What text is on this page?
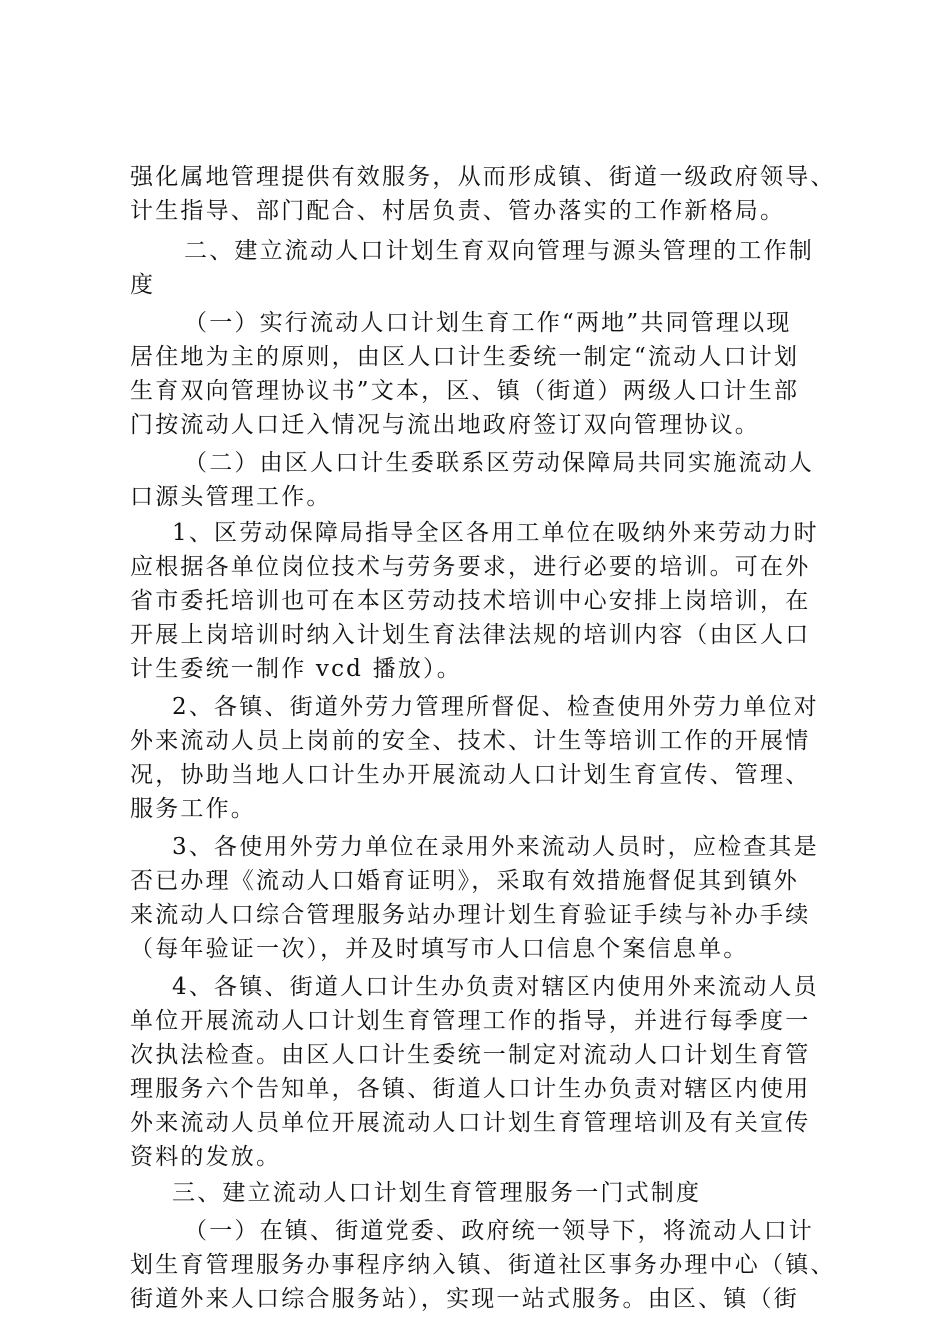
强化属地管理提供有效服务，从而形成镇、街道一级政府领导、
计生指导、部门配合、村居负责、管办落实的工作新格局。
二、建立流动人口计划生育双向管理与源头管理的工作制
度
（一）实行流动人口计划生育工作“两地”共同管理以现
居住地为主的原则，由区人口计生委统一制定“流动人口计划
生育双向管理协议书”文本，区、镇（街道）两级人口计生部
门按流动人口迁入情况与流出地政府签订双向管理协议。
（二）由区人口计生委联系区劳动保障局共同实施流动人
口源头管理工作。
1、区劳动保障局指导全区各用工单位在吸纳外来劳动力时
应根据各单位岗位技术与劳务要求，进行必要的培训。可在外
省市委托培训也可在本区劳动技术培训中心安排上岗培训，在
开展上岗培训时纳入计划生育法律法规的培训内容（由区人口
计生委统一制作 vcd 播放）。
2、各镇、街道外劳力管理所督促、检查使用外劳力单位对
外来流动人员上岗前的安全、技术、计生等培训工作的开展情
况，协助当地人口计生办开展流动人口计划生育宣传、管理、
服务工作。
3、各使用外劳力单位在录用外来流动人员时，应检查其是
否已办理《流动人口婚育证明》，采取有效措施督促其到镇外
来流动人口综合管理服务站办理计划生育验证手续与补办手续
（每年验证一次），并及时填写市人口信息个案信息单。
4、各镇、街道人口计生办负责对辖区内使用外来流动人员
单位开展流动人口计划生育管理工作的指导，并进行每季度一
次执法检查。由区人口计生委统一制定对流动人口计划生育管
理服务六个告知单，各镇、街道人口计生办负责对辖区内使用
外来流动人员单位开展流动人口计划生育管理培训及有关宣传
资料的发放。
三、建立流动人口计划生育管理服务一门式制度
（一）在镇、街道党委、政府统一领导下，将流动人口计
划生育管理服务办事程序纳入镇、街道社区事务办理中心（镇、
街道外来人口综合服务站），实现一站式服务。由区、镇（街
